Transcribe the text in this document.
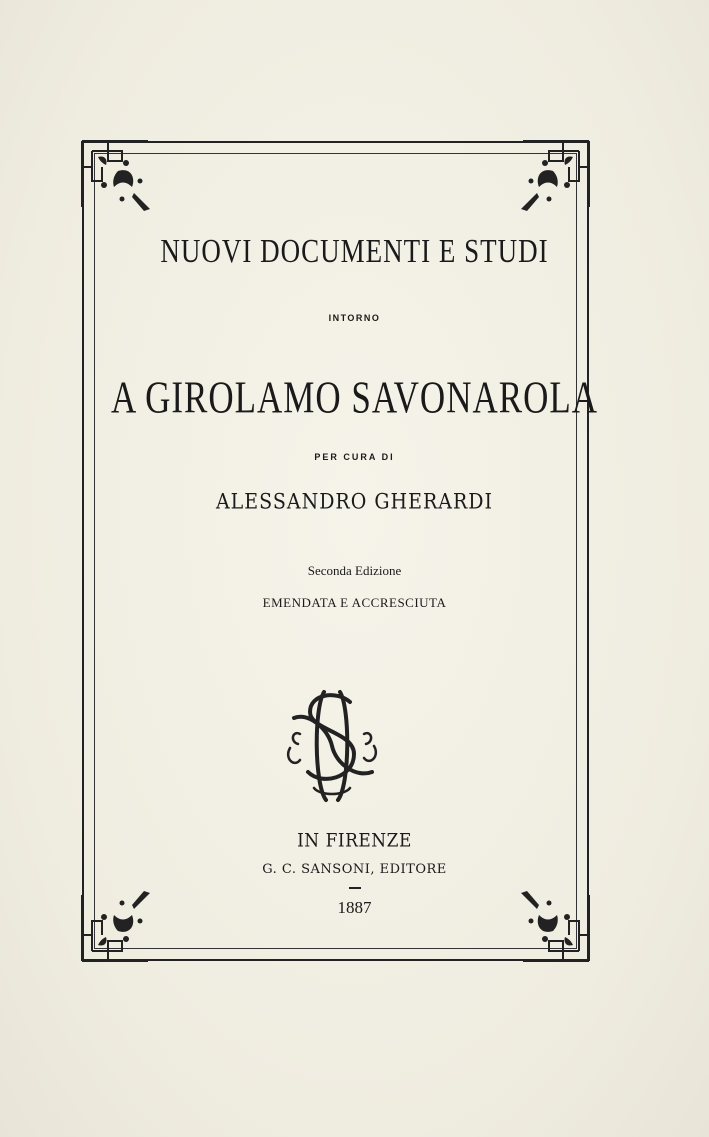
NUOVI DOCUMENTI E STUDI
INTORNO
A GIROLAMO SAVONAROLA
PER CURA DI
ALESSANDRO GHERARDI
Seconda Edizione
EMENDATA E ACCRESCIUTA
IN FIRENZE
G. C. SANSONI, EDITORE
1887
